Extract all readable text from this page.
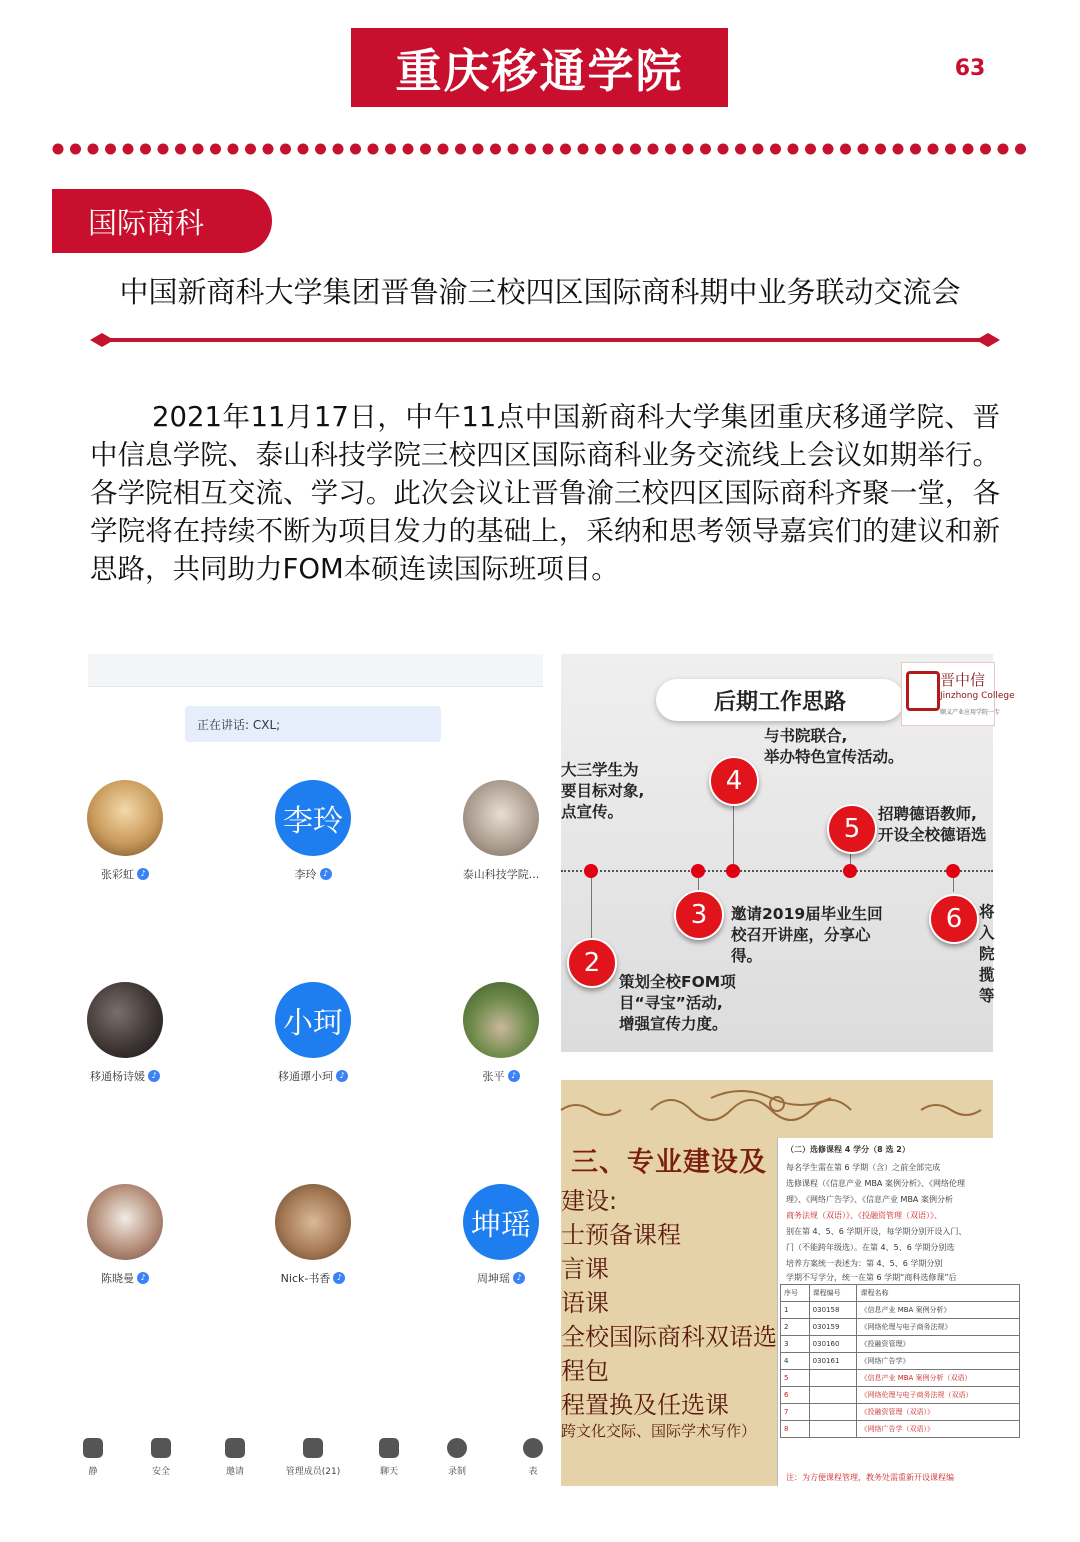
重庆移通学院	63
国际商科
中国新商科大学集团晋鲁渝三校四区国际商科期中业务联动交流会
2021年11月17日，中午11点中国新商科大学集团重庆移通学院、晋中信息学院、泰山科技学院三校四区国际商科业务交流线上会议如期举行。各学院相互交流、学习。此次会议让晋鲁渝三校四区国际商科齐聚一堂，各学院将在持续不断为项目发力的基础上，采纳和思考领导嘉宾们的建议和新思路，共同助力FOM本硕连读国际班项目。
正在讲话: CXL;
张彩虹 ♪
李玲
李玲 ♪	泰山科技学院...
移通杨诗媛 ♪
小珂
移通谭小珂 ♪	张平 ♪
陈晓曼 ♪	Nick-书香 ♪
坤瑶
周坤瑶 ♪
静	安全	邀请	管理成员(21)	聊天	录制	表
后期工作思路
晋中信
Jinzhong College
顺义产业应用学院一专
大三学生为
要目标对象,
点宣传。
2
策划全校FOM项
目“寻宝”活动,
增强宣传力度。
3	邀请2019届毕业生回
校召开讲座，分享心
得。
4
与书院联合,
举办特色宣传活动。
5	招聘德语教师,
开设全校德语选
6	将
入
院
揽
等
三、专业建设及
建设:
士预备课程
言课
语课
全校国际商科双语选
程包
程置换及任选课
跨文化交际、国际学术写作）
（二）选修课程 4 学分（8 选 2）
每名学生需在第 6 学期（含）之前全部完成
选修课程（《信息产业 MBA 案例分析》、《网络伦理
理》、《网络广告学》、《信息产业 MBA 案例分析
商务法规（双语）》、《投融资管理（双语）》、
别在第 4、5、6 学期开设，每学期分别开设入门、
门（不能跨年级选）。在第 4、5、6 学期分别选
培养方案统一表述为：第 4、5、6 学期分别
学期不写学分，统一在第 6 学期“商科选修课”后
序号	课程编号	课程名称
1	030158	《信息产业 MBA 案例分析》
2	030159	《网络伦理与电子商务法规》
3	030160	《投融资管理》
4	030161	《网络广告学》
5		《信息产业 MBA 案例分析（双语）
6		《网络伦理与电子商务法规（双语）
7		《投融资管理（双语）》
8		《网络广告学（双语）》
注：为方便课程管理，教务处需重新开设课程编
